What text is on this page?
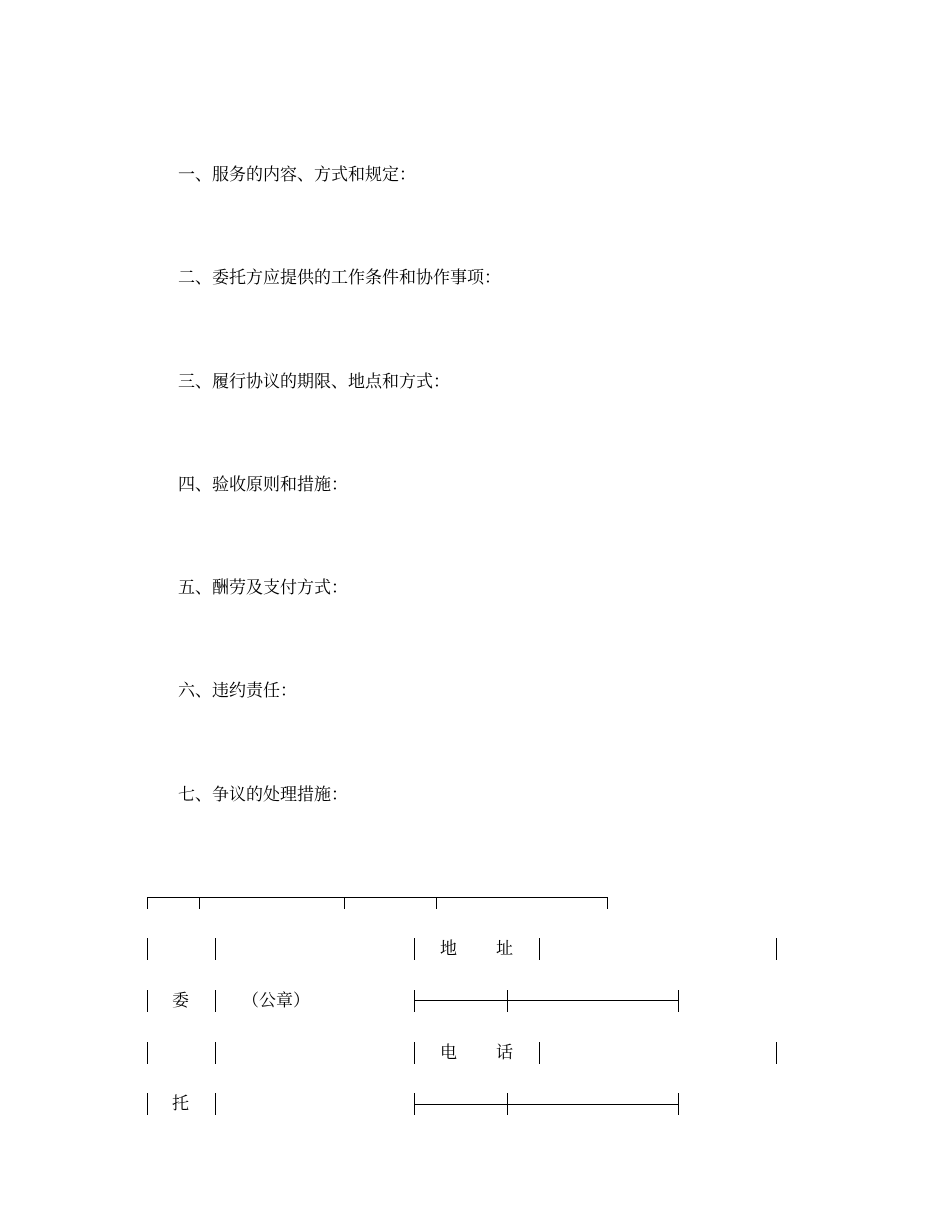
一、服务的内容、方式和规定：
二、委托方应提供的工作条件和协作事项：
三、履行协议的期限、地点和方式：
四、验收原则和措施：
五、酬劳及支付方式：
六、违约责任：
七、争议的处理措施：
地 址
委	（公章）
电 话
托
